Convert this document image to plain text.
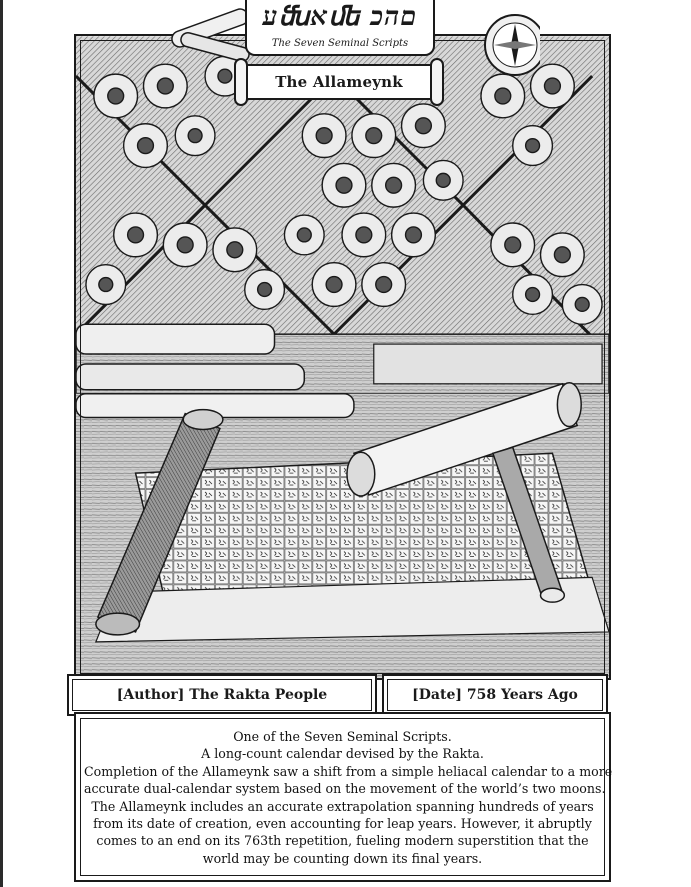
ﬠﬓﬡﬔ ﬦﬣﬤ
The Seven Seminal Scripts
The Allameynk
[Author] The Rakta People	[Date] 758 Years Ago
One of the Seven Seminal Scripts.
A long-count calendar devised by the Rakta.
Completion of the Allameynk saw a shift from a simple heliacal calendar to a more
accurate dual-calendar system based on the movement of the world’s two moons.
The Allameynk includes an accurate extrapolation spanning hundreds of years
from its date of creation, even accounting for leap years. However, it abruptly
comes to an end on its 763th repetition, fueling modern superstition that the
world may be counting down its final years.
